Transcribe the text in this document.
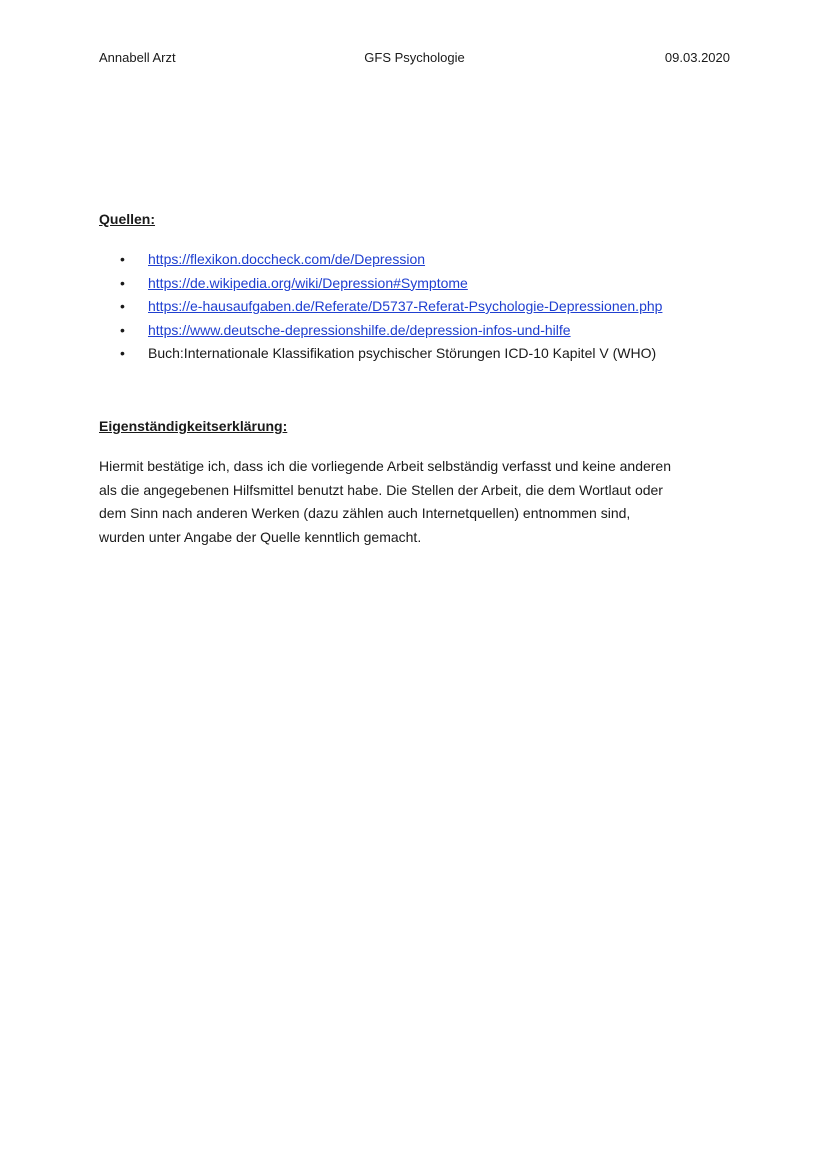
Annabell Arzt	GFS Psychologie	09.03.2020
Quellen:
• https://flexikon.doccheck.com/de/Depression
• https://de.wikipedia.org/wiki/Depression#Symptome
• https://e-hausaufgaben.de/Referate/D5737-Referat-Psychologie-Depressionen.php
• https://www.deutsche-depressionshilfe.de/depression-infos-und-hilfe
• Buch:Internationale Klassifikation psychischer Störungen ICD-10 Kapitel V (WHO)
Eigenständigkeitserklärung:

Hiermit bestätige ich, dass ich die vorliegende Arbeit selbständig verfasst und keine anderen
als die angegebenen Hilfsmittel benutzt habe. Die Stellen der Arbeit, die dem Wortlaut oder
dem Sinn nach anderen Werken (dazu zählen auch Internetquellen) entnommen sind,
wurden unter Angabe der Quelle kenntlich gemacht.
